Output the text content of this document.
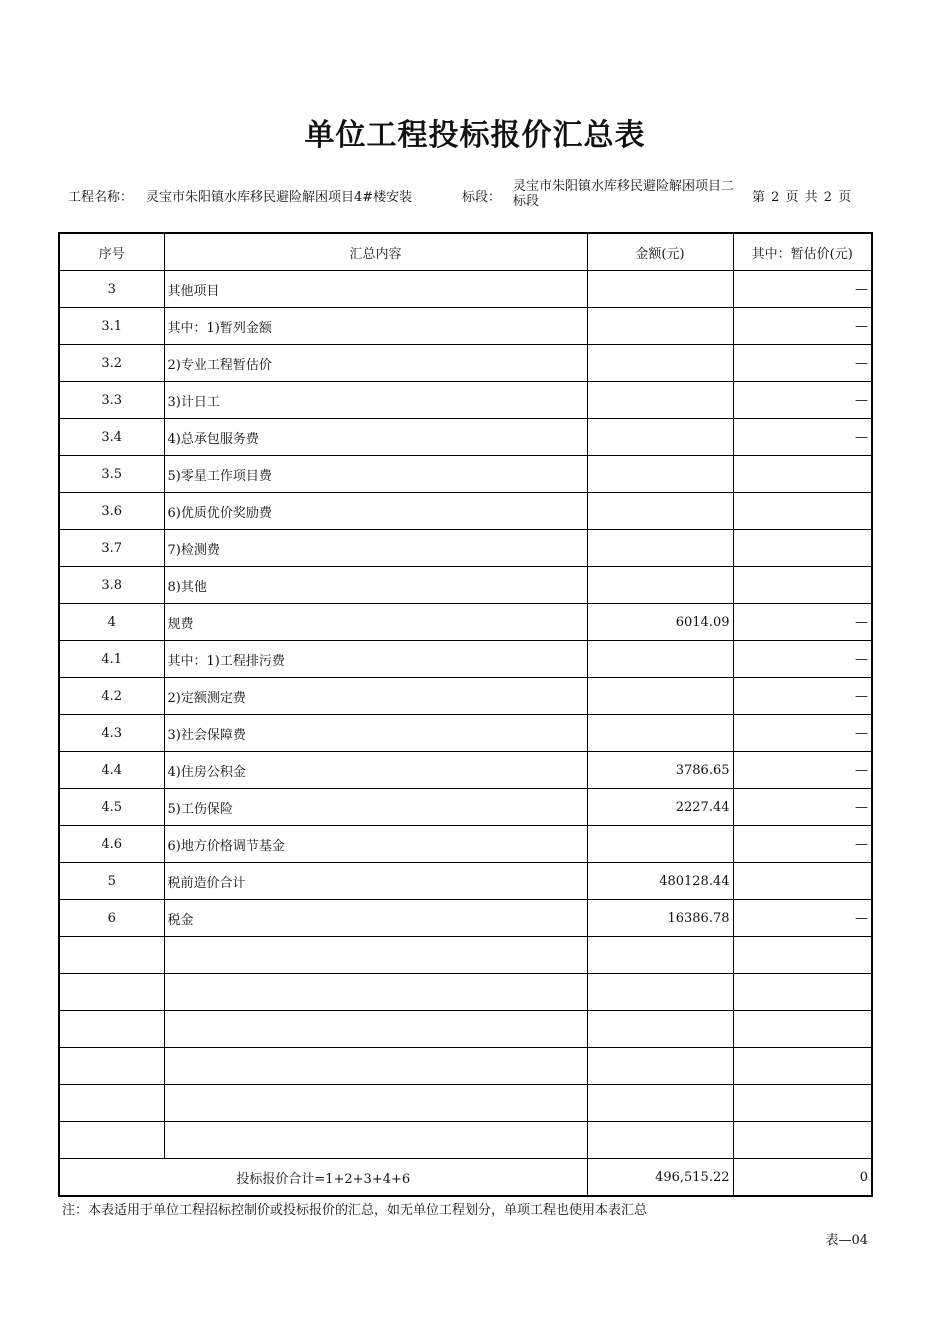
单位工程投标报价汇总表
工程名称： 灵宝市朱阳镇水库移民避险解困项目4#楼安装	标段：
灵宝市朱阳镇水库移民避险解困项目二标段	第 2 页 共 2 页
序号	汇总内容	金额(元)	其中：暂估价(元)
3	其他项目		—
3.1	其中：1)暂列金额		—
3.2	2)专业工程暂估价		—
3.3	3)计日工		—
3.4	4)总承包服务费		—
3.5	5)零星工作项目费		
3.6	6)优质优价奖励费		
3.7	7)检测费		
3.8	8)其他		
4	规费	6014.09	—
4.1	其中：1)工程排污费		—
4.2	2)定额测定费		—
4.3	3)社会保障费		—
4.4	4)住房公积金	3786.65	—
4.5	5)工伤保险	2227.44	—
4.6	6)地方价格调节基金		—
5	税前造价合计	480128.44	
6	税金	16386.78	—

投标报价合计=1+2+3+4+6		496,515.22	0
注：本表适用于单位工程招标控制价或投标报价的汇总，如无单位工程划分，单项工程也使用本表汇总
表—04
